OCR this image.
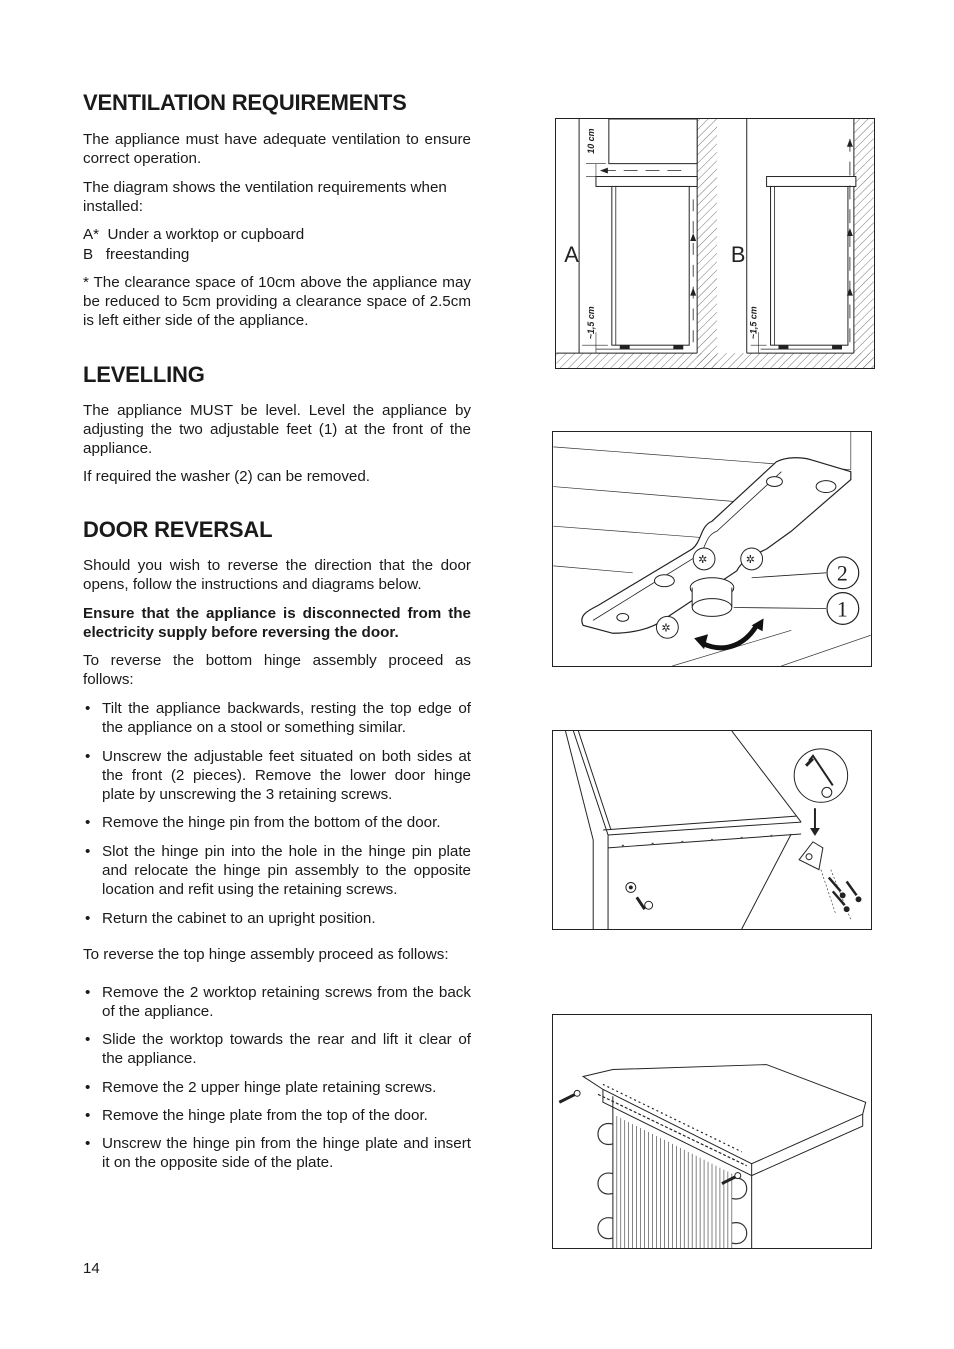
VENTILATION REQUIREMENTS

The appliance must have adequate ventilation to ensure correct operation.

The diagram shows the ventilation requirements when installed:

A*  Under a worktop or cupboard
B   freestanding

* The clearance space of 10cm above the appliance may be reduced to 5cm providing a clearance space of 2.5cm is left either side of the appliance.

LEVELLING

The appliance MUST be level. Level the appliance by adjusting the two adjustable feet (1) at the front of the appliance.

If required the washer (2) can be removed.

DOOR REVERSAL

Should you wish to reverse the direction that the door opens, follow the instructions and diagrams below.

Ensure that the appliance is disconnected from the electricity supply before reversing the door.

To reverse the bottom hinge assembly proceed as follows:

• Tilt the appliance backwards, resting the top edge of the appliance on a stool or something similar.
• Unscrew the adjustable feet situated on both sides at the front (2 pieces). Remove the lower door hinge plate by unscrewing the 3 retaining screws.
• Remove the hinge pin from the bottom of the door.
• Slot the hinge pin into the hole in the hinge pin plate and relocate the hinge pin assembly to the opposite location and refit using the retaining screws.
• Return the cabinet to an upright position.

To reverse the top hinge assembly proceed as follows:

• Remove the 2 worktop retaining screws from the back of the appliance.
• Slide the worktop towards the rear and lift it clear of the appliance.
• Remove the 2 upper hinge plate retaining screws.
• Remove the hinge plate from the top of the door.
• Unscrew the hinge pin from the hinge plate and insert it on the opposite side of the plate.
14
10 cm
~1,5 cm
A
~1,5 cm
B
✲	✲
✲
2
1
